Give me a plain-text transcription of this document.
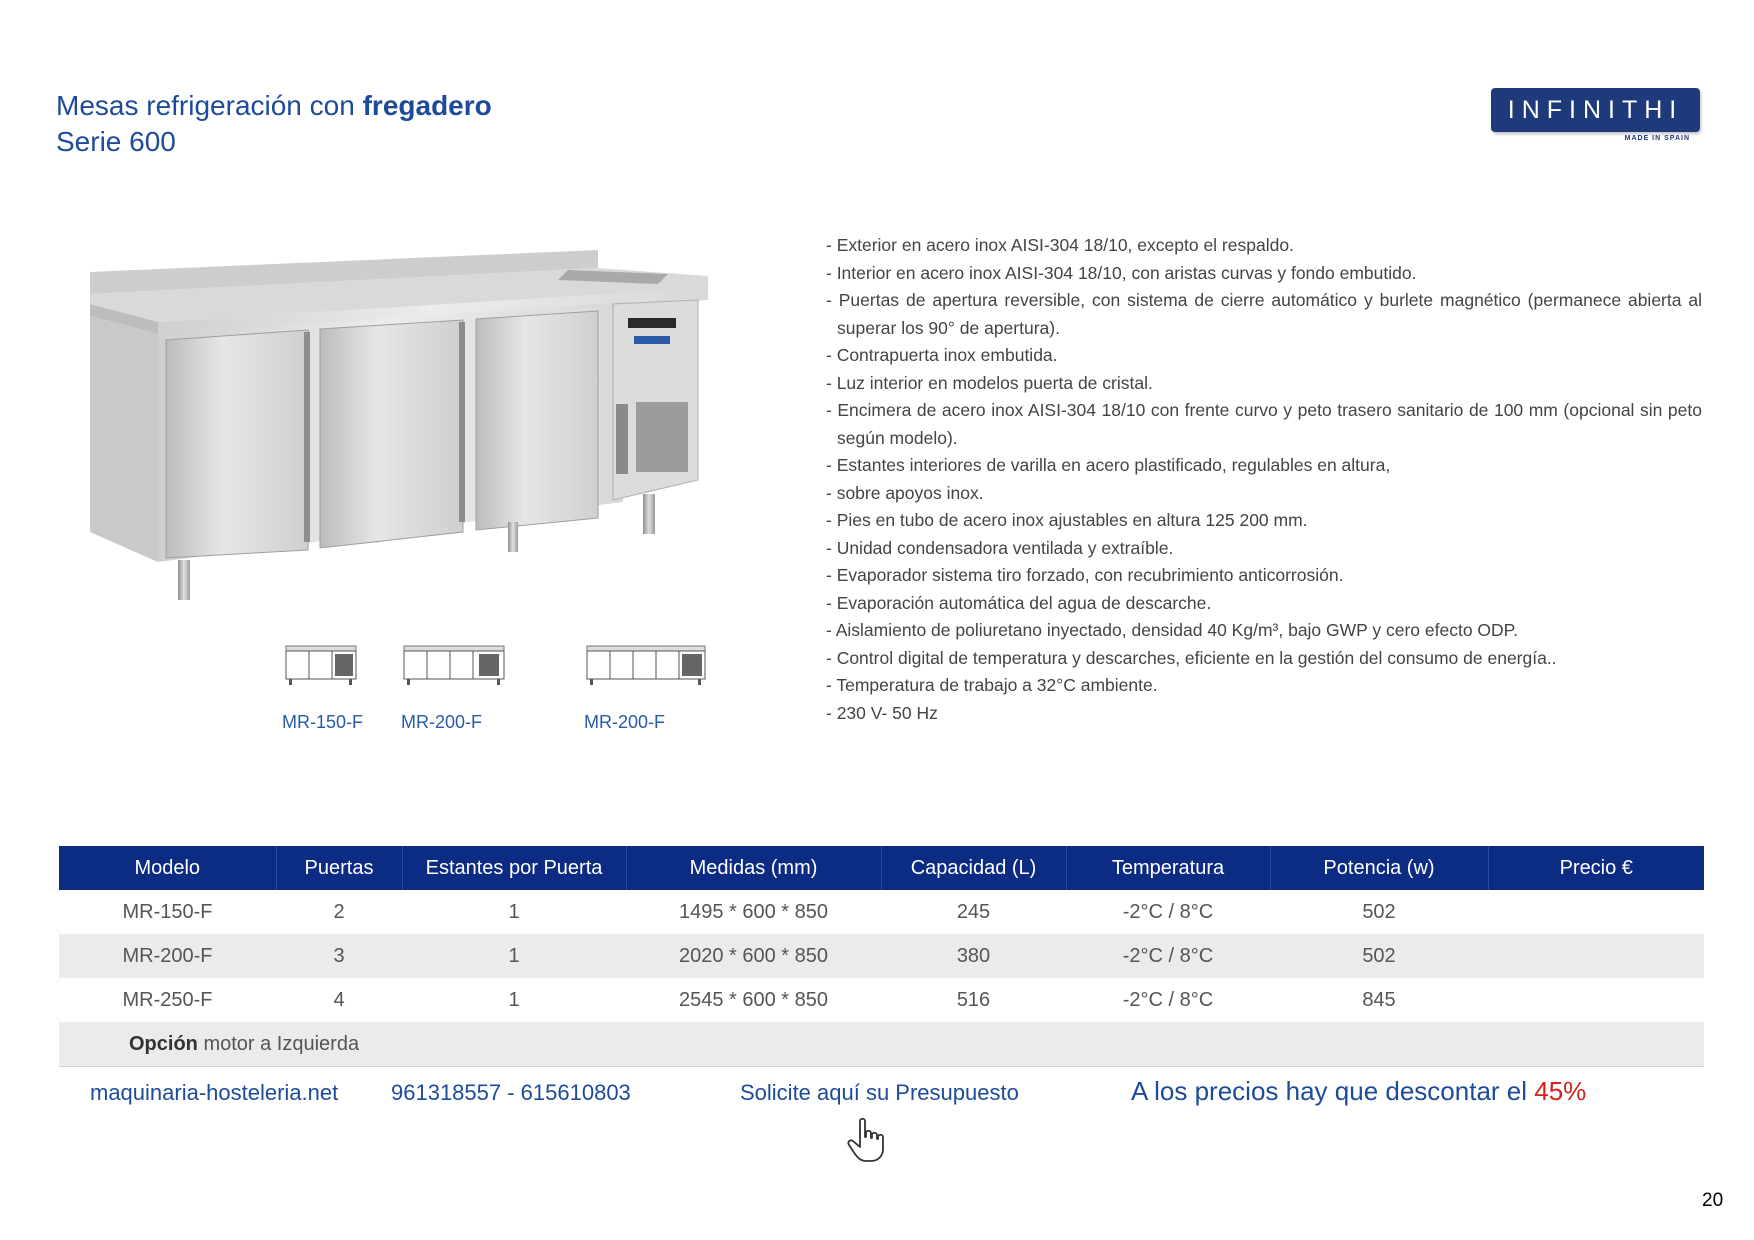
Mesas refrigeración con fregadero
Serie 600
INFINITHI
MADE IN SPAIN
MR-150-F MR-200-F	MR-200-F
- Exterior en acero inox AISI-304 18/10, excepto el respaldo.
- Interior en acero inox AISI-304 18/10, con aristas curvas y fondo embutido.
- Puertas de apertura reversible, con sistema de cierre automático y burlete magnético (permanece abierta al superar los 90° de apertura).
- Contrapuerta inox embutida.
- Luz interior en modelos puerta de cristal.
- Encimera de acero inox AISI-304 18/10 con frente curvo y peto trasero sanitario de 100 mm (opcional sin peto según modelo).
- Estantes interiores de varilla en acero plastificado, regulables en altura,
- sobre apoyos inox.
- Pies en tubo de acero inox ajustables en altura 125 200 mm.
- Unidad condensadora ventilada y extraíble.
- Evaporador sistema tiro forzado, con recubrimiento anticorrosión.
- Evaporación automática del agua de descarche.
- Aislamiento de poliuretano inyectado, densidad 40 Kg/m³, bajo GWP y cero efecto ODP.
- Control digital de temperatura y descarches, eficiente en la gestión del consumo de energía..
- Temperatura de trabajo a 32°C ambiente.
- 230 V- 50 Hz
Modelo	Puertas	Estantes por Puerta	Medidas (mm)	Capacidad (L)	Temperatura	Potencia (w)	Precio €
MR-150-F	2	1	1495 * 600 * 850	245	-2°C / 8°C	502	
MR-200-F	3	1	2020 * 600 * 850	380	-2°C / 8°C	502	
MR-250-F	4	1	2545 * 600 * 850	516	-2°C / 8°C	845	
Opción motor a Izquierda							
maquinaria-hosteleria.net 961318557 - 615610803	Solicite aquí su Presupuesto	A los precios hay que descontar el 45%
20
